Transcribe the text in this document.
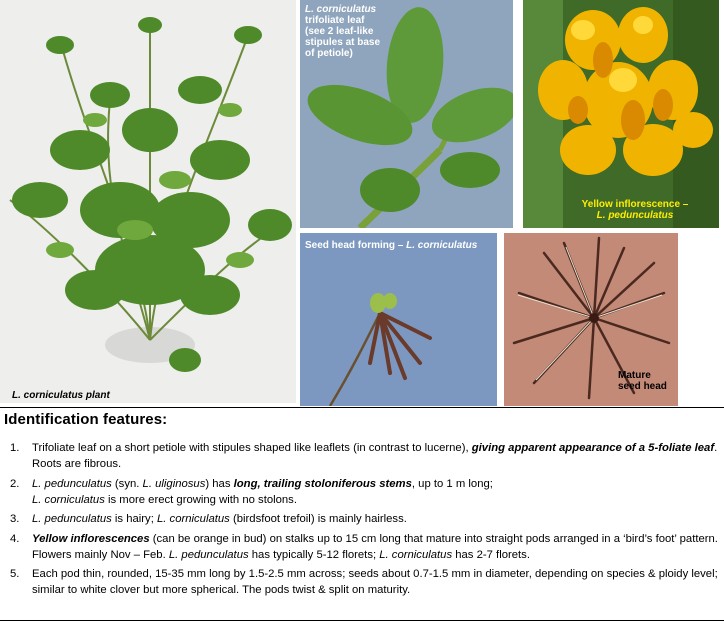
L. corniculatus plant
L. corniculatus
trifoliate leaf
(see 2 leaf-like
stipules at base
of petiole)
Yellow inflorescence –
L. pedunculatus
Seed head forming – L. corniculatus
Mature
seed head
Identification features:
1. Trifoliate leaf on a short petiole with stipules shaped like leaflets (in contrast to lucerne), giving apparent appearance of a 5-foliate leaf. Roots are fibrous.
2. L. pedunculatus (syn. L. uliginosus) has long, trailing stoloniferous stems, up to 1 m long;
L. corniculatus is more erect growing with no stolons.
3. L. pedunculatus is hairy; L. corniculatus (birdsfoot trefoil) is mainly hairless.
4. Yellow inflorescences (can be orange in bud) on stalks up to 15 cm long that mature into straight pods arranged in a ‘bird’s foot’ pattern. Flowers mainly Nov – Feb. L. pedunculatus has typically 5-12 florets; L. corniculatus has 2-7 florets.
5. Each pod thin, rounded, 15-35 mm long by 1.5-2.5 mm across; seeds about 0.7-1.5 mm in diameter, depending on species & ploidy level; similar to white clover but more spherical. The pods twist & split on maturity.
